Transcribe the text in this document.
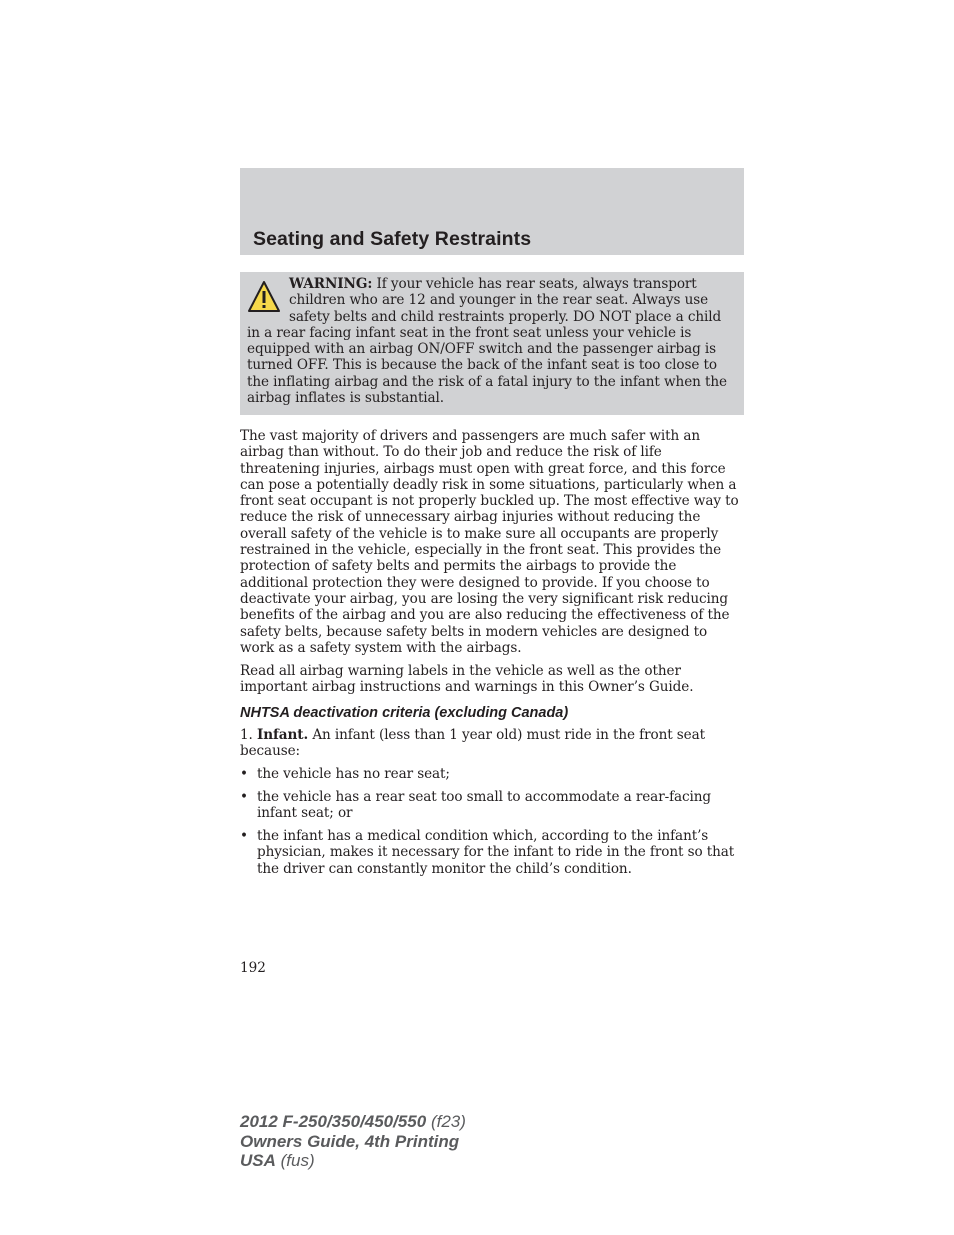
Seating and Safety Restraints

WARNING: If your vehicle has rear seats, always transport children who are 12 and younger in the rear seat. Always use safety belts and child restraints properly. DO NOT place a child in a rear facing infant seat in the front seat unless your vehicle is equipped with an airbag ON/OFF switch and the passenger airbag is turned OFF. This is because the back of the infant seat is too close to the inflating airbag and the risk of a fatal injury to the infant when the airbag inflates is substantial.

The vast majority of drivers and passengers are much safer with an airbag than without. To do their job and reduce the risk of life threatening injuries, airbags must open with great force, and this force can pose a potentially deadly risk in some situations, particularly when a front seat occupant is not properly buckled up. The most effective way to reduce the risk of unnecessary airbag injuries without reducing the overall safety of the vehicle is to make sure all occupants are properly restrained in the vehicle, especially in the front seat. This provides the protection of safety belts and permits the airbags to provide the additional protection they were designed to provide. If you choose to deactivate your airbag, you are losing the very significant risk reducing benefits of the airbag and you are also reducing the effectiveness of the safety belts, because safety belts in modern vehicles are designed to work as a safety system with the airbags.

Read all airbag warning labels in the vehicle as well as the other important airbag instructions and warnings in this Owner’s Guide.

NHTSA deactivation criteria (excluding Canada)

1. Infant. An infant (less than 1 year old) must ride in the front seat because:

• the vehicle has no rear seat;
• the vehicle has a rear seat too small to accommodate a rear-facing infant seat; or
• the infant has a medical condition which, according to the infant’s physician, makes it necessary for the infant to ride in the front so that the driver can constantly monitor the child’s condition.

192

2012 F-250/350/450/550 (f23)
Owners Guide, 4th Printing
USA (fus)
